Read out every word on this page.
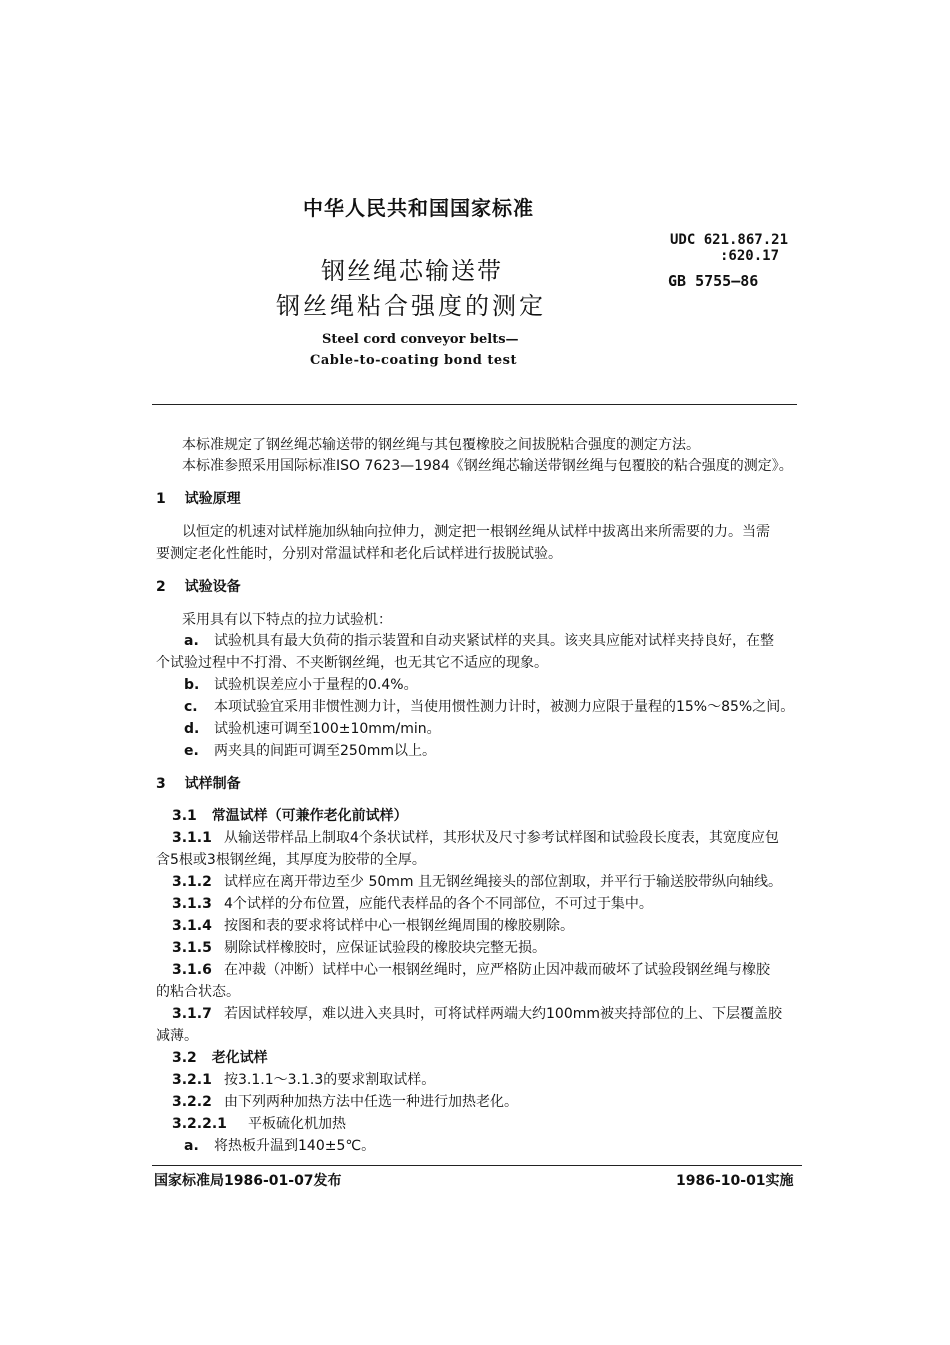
中华人民共和国国家标准
UDC 621.867.21
:620.17
GB 5755—86
钢丝绳芯输送带
钢丝绳粘合强度的测定
Steel cord conveyor belts—
Cable-to-coating bond test
本标准规定了钢丝绳芯输送带的钢丝绳与其包覆橡胶之间拔脱粘合强度的测定方法。
本标准参照采用国际标准ISO 7623—1984《钢丝绳芯输送带钢丝绳与包覆胶的粘合强度的测定》。
1 试验原理
以恒定的机速对试样施加纵轴向拉伸力，测定把一根钢丝绳从试样中拔离出来所需要的力。当需
要测定老化性能时，分别对常温试样和老化后试样进行拔脱试验。
2 试验设备
采用具有以下特点的拉力试验机：
a. 试验机具有最大负荷的指示装置和自动夹紧试样的夹具。该夹具应能对试样夹持良好，在整
个试验过程中不打滑、不夹断钢丝绳，也无其它不适应的现象。
b. 试验机误差应小于量程的0.4%。
c. 本项试验宜采用非惯性测力计，当使用惯性测力计时，被测力应限于量程的15%～85%之间。
d. 试验机速可调至100±10mm/min。
e. 两夹具的间距可调至250mm以上。
3 试样制备
3.1 常温试样（可兼作老化前试样）
3.1.1 从输送带样品上制取4个条状试样，其形状及尺寸参考试样图和试验段长度表，其宽度应包
含5根或3根钢丝绳，其厚度为胶带的全厚。
3.1.2 试样应在离开带边至少 50mm 且无钢丝绳接头的部位割取，并平行于输送胶带纵向轴线。
3.1.3 4个试样的分布位置，应能代表样品的各个不同部位，不可过于集中。
3.1.4 按图和表的要求将试样中心一根钢丝绳周围的橡胶剔除。
3.1.5 剔除试样橡胶时，应保证试验段的橡胶块完整无损。
3.1.6 在冲裁（冲断）试样中心一根钢丝绳时，应严格防止因冲裁而破坏了试验段钢丝绳与橡胶
的粘合状态。
3.1.7 若因试样较厚，难以进入夹具时，可将试样两端大约100mm被夹持部位的上、下层覆盖胶
减薄。
3.2 老化试样
3.2.1 按3.1.1～3.1.3的要求割取试样。
3.2.2 由下列两种加热方法中任选一种进行加热老化。
3.2.2.1 平板硫化机加热
a. 将热板升温到140±5℃。
国家标准局1986-01-07发布	1986-10-01实施
